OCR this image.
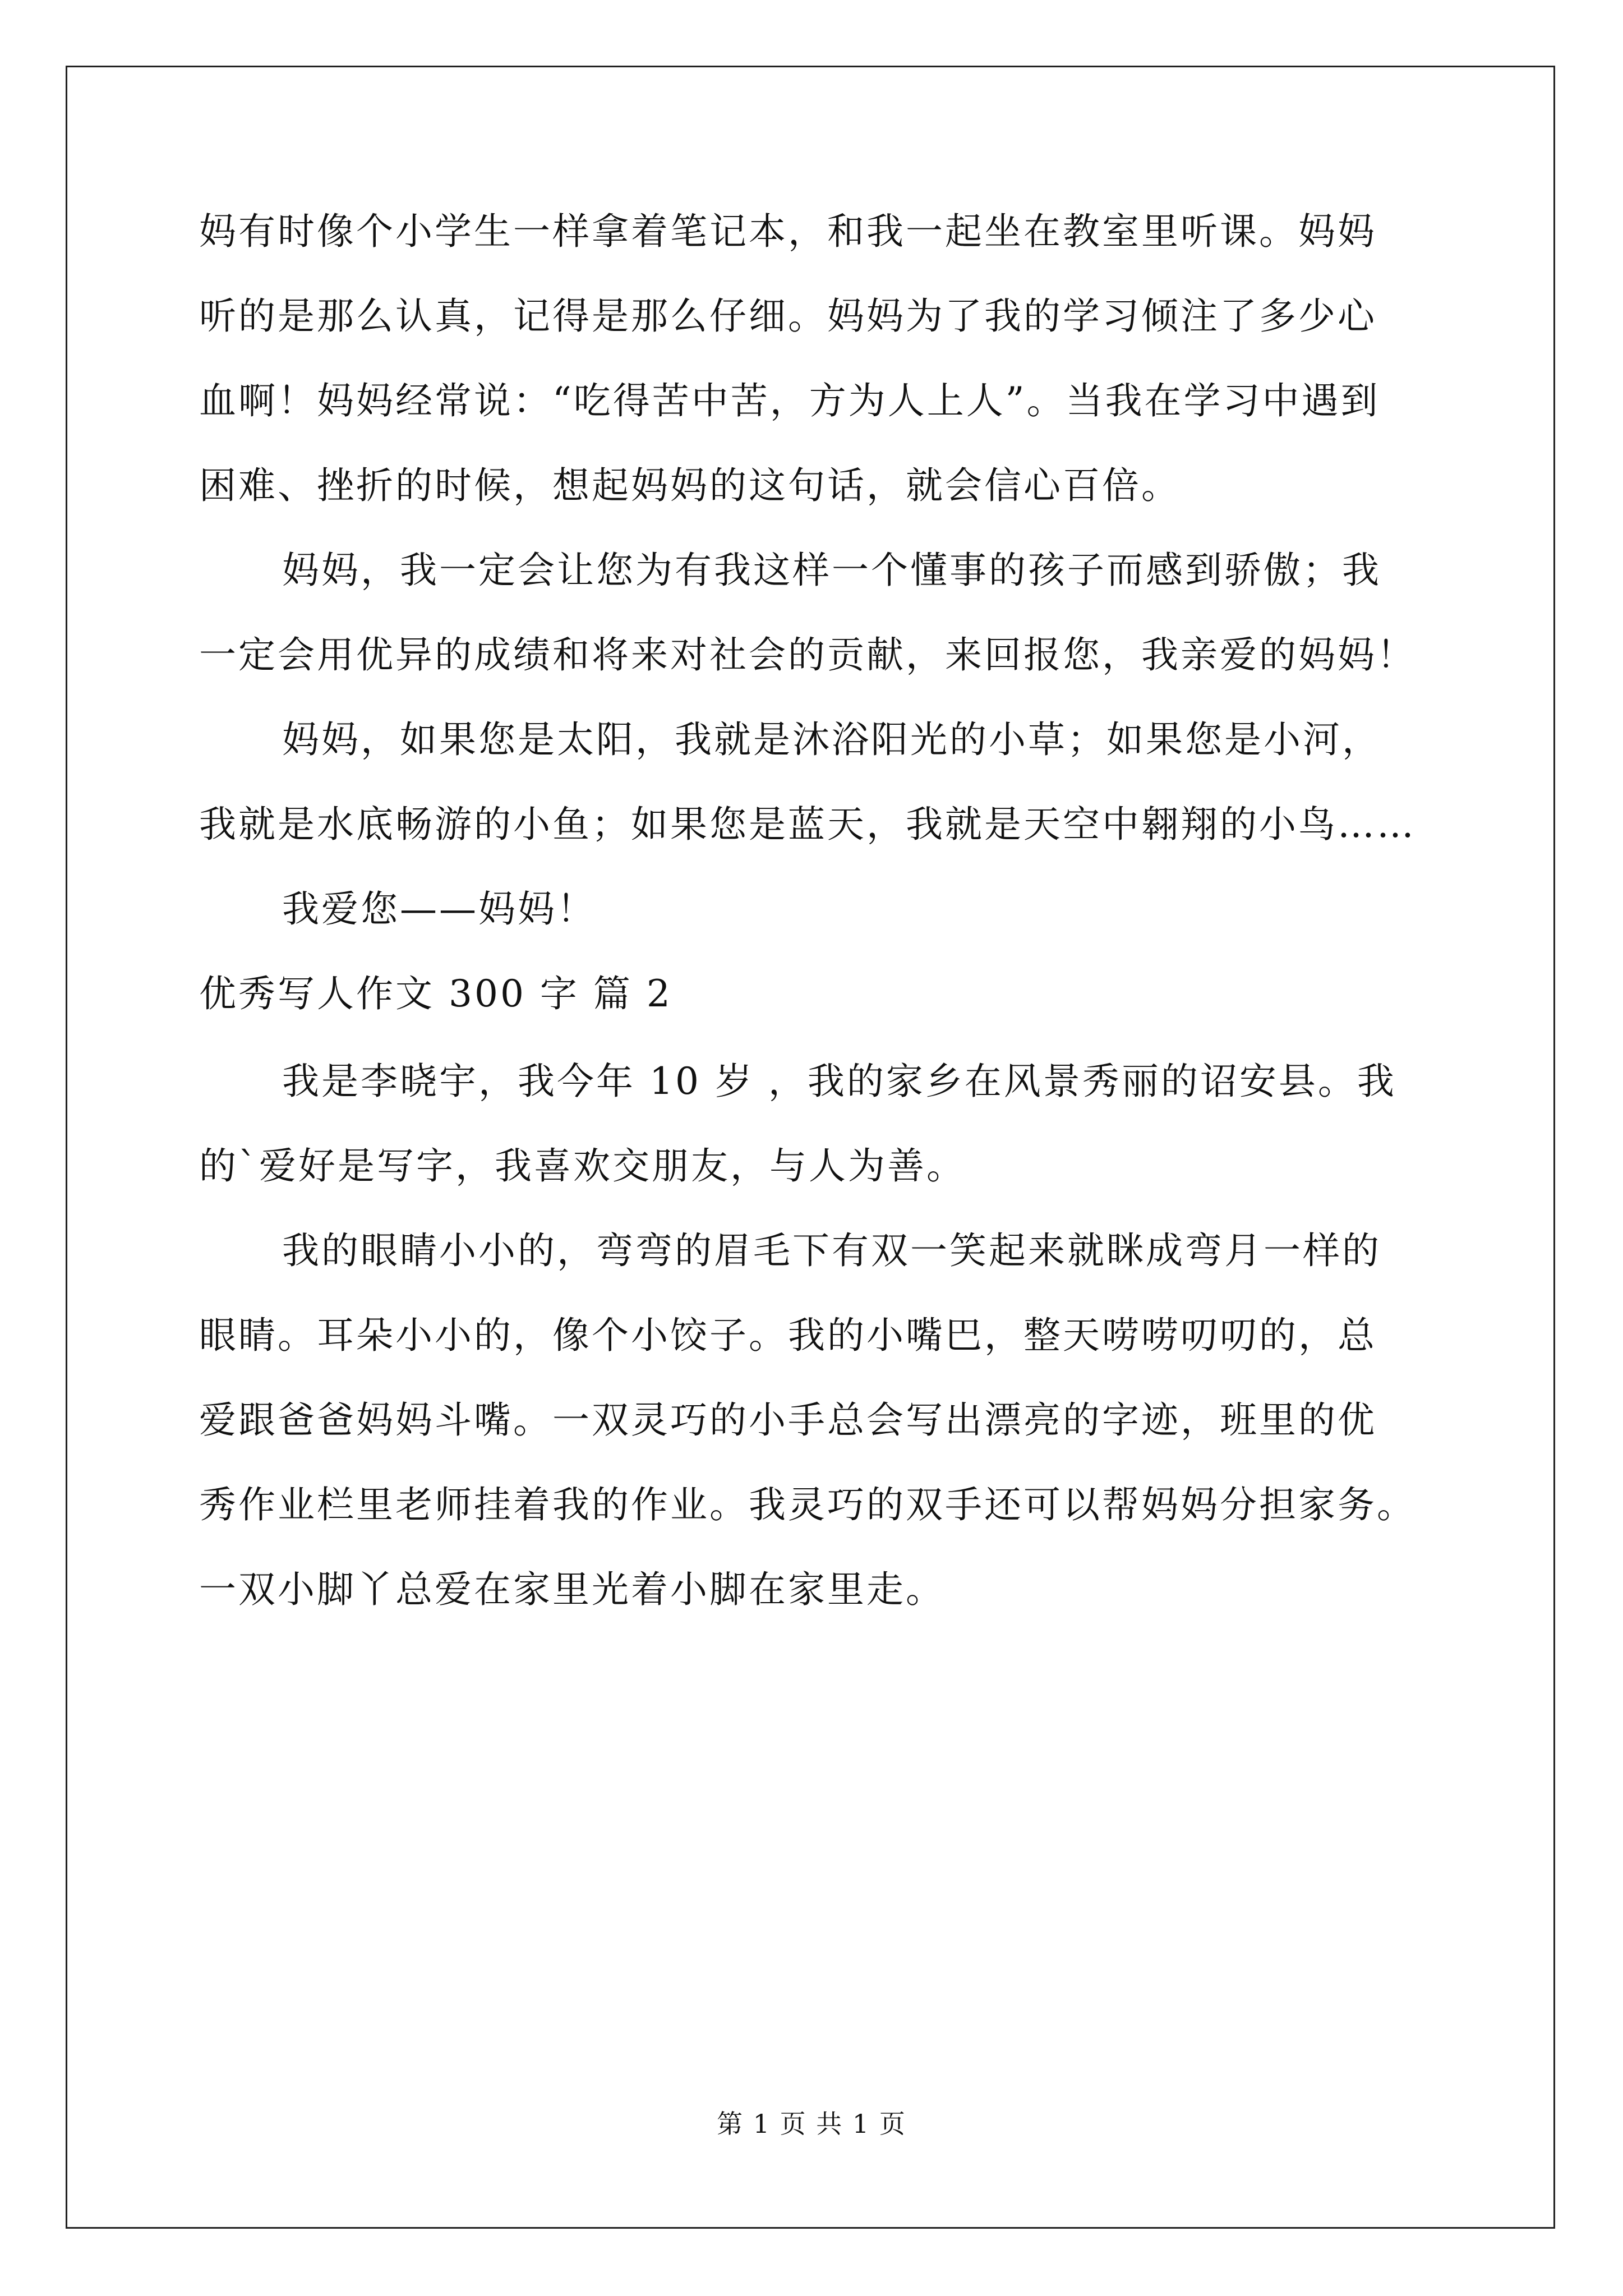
妈有时像个小学生一样拿着笔记本，和我一起坐在教室里听课。妈妈
听的是那么认真，记得是那么仔细。妈妈为了我的学习倾注了多少心
血啊！妈妈经常说：“吃得苦中苦，方为人上人”。当我在学习中遇到
困难、挫折的时候，想起妈妈的这句话，就会信心百倍。
妈妈，我一定会让您为有我这样一个懂事的孩子而感到骄傲；我
一定会用优异的成绩和将来对社会的贡献，来回报您，我亲爱的妈妈！
妈妈，如果您是太阳，我就是沐浴阳光的小草；如果您是小河，
我就是水底畅游的小鱼；如果您是蓝天，我就是天空中翱翔的小鸟……
我爱您——妈妈！
优秀写人作文 300 字 篇 2
我是李晓宇，我今年 10 岁 ，我的家乡在风景秀丽的诏安县。我
的`爱好是写字，我喜欢交朋友，与人为善。
我的眼睛小小的，弯弯的眉毛下有双一笑起来就眯成弯月一样的
眼睛。耳朵小小的，像个小饺子。我的小嘴巴，整天唠唠叨叨的，总
爱跟爸爸妈妈斗嘴。一双灵巧的小手总会写出漂亮的字迹，班里的优
秀作业栏里老师挂着我的作业。我灵巧的双手还可以帮妈妈分担家务。
一双小脚丫总爱在家里光着小脚在家里走。
第 1 页 共 1 页
